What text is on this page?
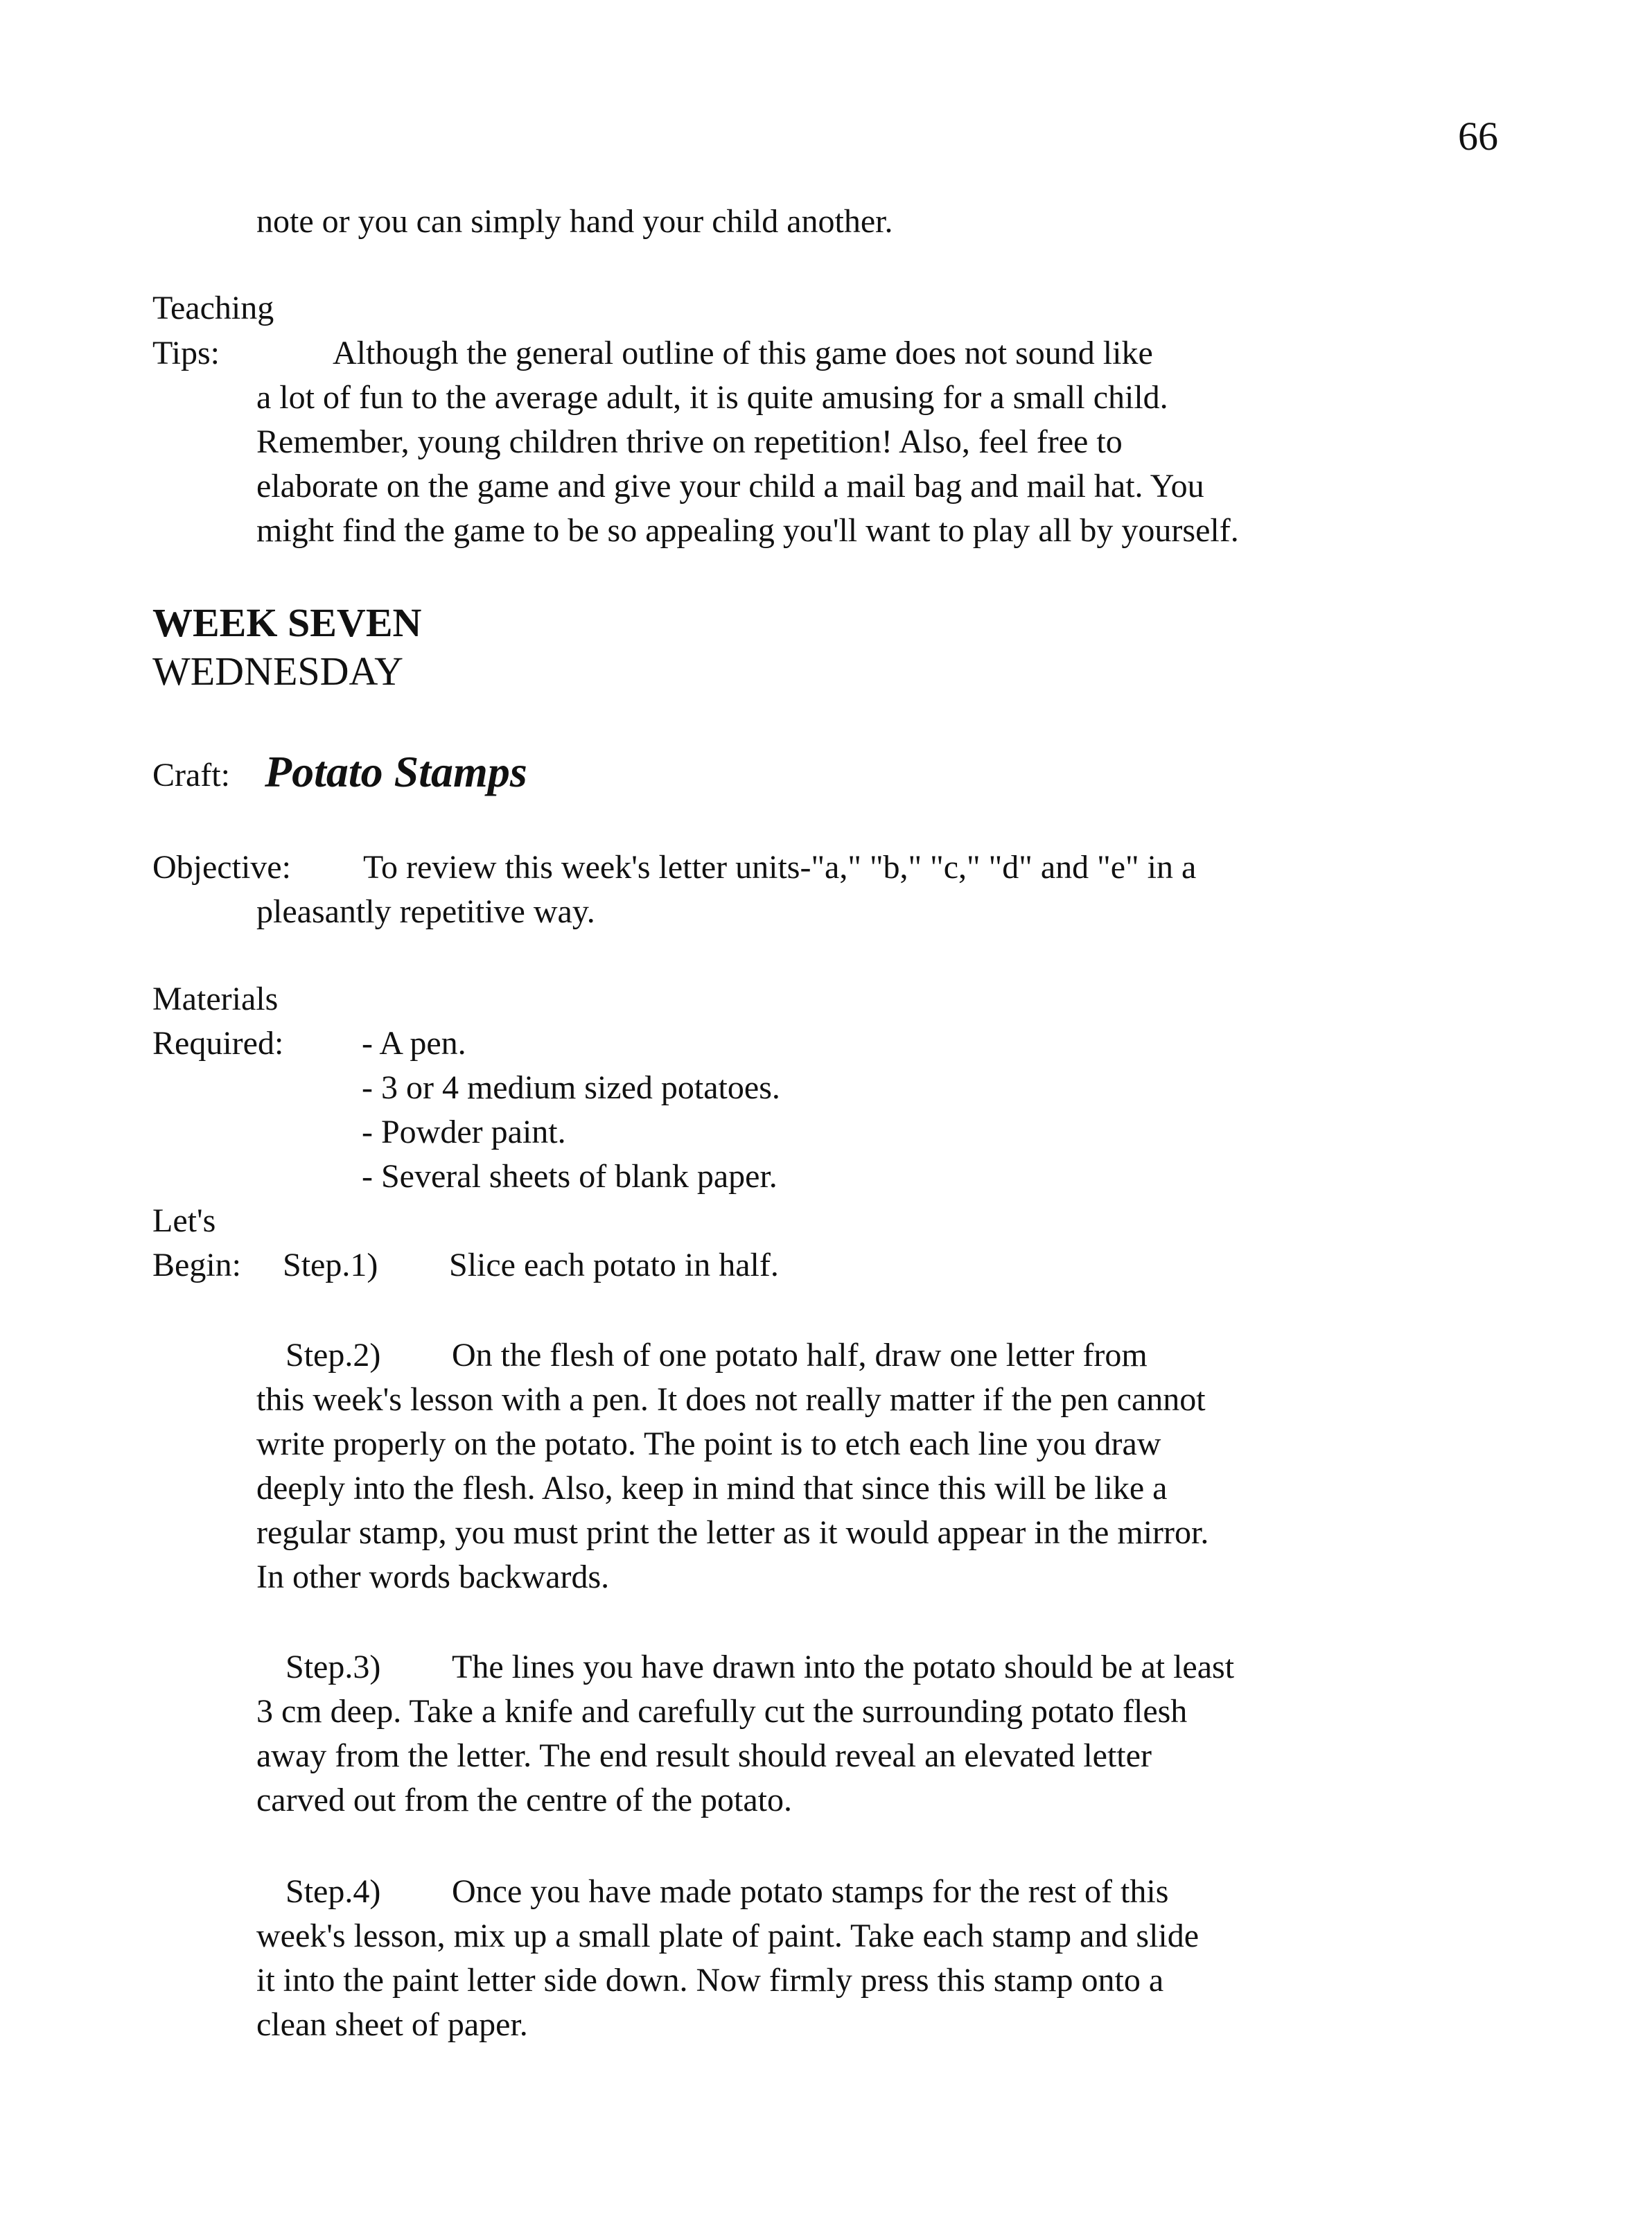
66
note or you can simply hand your child another.
Teaching
Tips:	Although the general outline of this game does not sound like
a lot of fun to the average adult, it is quite amusing for a small child.
Remember, young children thrive on repetition! Also, feel free to
elaborate on the game and give your child a mail bag and mail hat. You
might find the game to be so appealing you'll want to play all by yourself.
WEEK SEVEN
WEDNESDAY
Craft: Potato Stamps
Objective: To review this week's letter units-"a," "b," "c," "d" and "e" in a
pleasantly repetitive way.
Materials
Required: - A pen.
- 3 or 4 medium sized potatoes.
- Powder paint.
- Several sheets of blank paper.
Let's
Begin: Step.1) Slice each potato in half.
Step.2) On the flesh of one potato half, draw one letter from
this week's lesson with a pen. It does not really matter if the pen cannot
write properly on the potato. The point is to etch each line you draw
deeply into the flesh. Also, keep in mind that since this will be like a
regular stamp, you must print the letter as it would appear in the mirror.
In other words backwards.
Step.3) The lines you have drawn into the potato should be at least
3 cm deep. Take a knife and carefully cut the surrounding potato flesh
away from the letter. The end result should reveal an elevated letter
carved out from the centre of the potato.
Step.4) Once you have made potato stamps for the rest of this
week's lesson, mix up a small plate of paint. Take each stamp and slide
it into the paint letter side down. Now firmly press this stamp onto a
clean sheet of paper.
